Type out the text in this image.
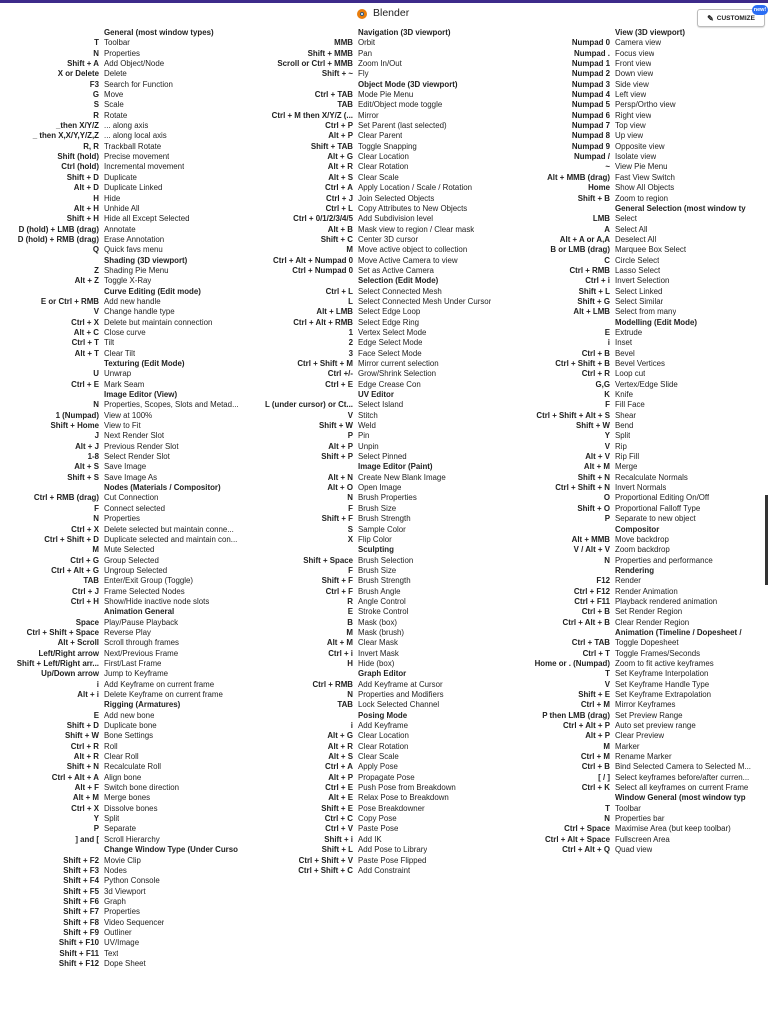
Blender	✎ CUSTOMIZE
new!
General (most window types)
T Toolbar
N Properties
Shift + A Add Object/Node
X or Delete Delete
F3 Search for Function
G Move
S Scale
R Rotate
_then X/Y/Z ... along axis
_ then X,X/Y,Y/Z,Z ... along local axis
R, R Trackball Rotate
Shift (hold) Precise movement
Ctrl (hold) Incremental movement
Shift + D Duplicate
Alt + D Duplicate Linked
H Hide
Alt + H Unhide All
Shift + H Hide all Except Selected
D (hold) + LMB (drag) Annotate
D (hold) + RMB (drag) Erase Annotation
Q Quick favs menu
Shading (3D viewport)
Z Shading Pie Menu
Alt + Z Toggle X-Ray
Curve Editing (Edit mode)
E or Ctrl + RMB Add new handle
V Change handle type
Ctrl + X Delete but maintain connection
Alt + C Close curve
Ctrl + T Tilt
Alt + T Clear Tilt
Texturing (Edit Mode)
U Unwrap
Ctrl + E Mark Seam
Image Editor (View)
N Properties, Scopes, Slots and Metad...
1 (Numpad) View at 100%
Shift + Home View to Fit
J Next Render Slot
Alt + J Previous Render Slot
1-8 Select Render Slot
Alt + S Save Image
Shift + S Save Image As
Nodes (Materials / Compositor)
Ctrl + RMB (drag) Cut Connection
F Connect selected
N Properties
Ctrl + X Delete selected but maintain conne...
Ctrl + Shift + D Duplicate selected and maintain con...
M Mute Selected
Ctrl + G Group Selected
Ctrl + Alt + G Ungroup Selected
TAB Enter/Exit Group (Toggle)
Ctrl + J Frame Selected Nodes
Ctrl + H Show/Hide inactive node slots
Animation General
Space Play/Pause Playback
Ctrl + Shift + Space Reverse Play
Alt + Scroll Scroll through frames
Left/Right arrow Next/Previous Frame
Shift + Left/Right arr... First/Last Frame
Up/Down arrow Jump to Keyframe
i Add Keyframe on current frame
Alt + i Delete Keyframe on current frame
Rigging (Armatures)
E Add new bone
Shift + D Duplicate bone
Shift + W Bone Settings
Ctrl + R Roll
Alt + R Clear Roll
Shift + N Recalculate Roll
Ctrl + Alt + A Align bone
Alt + F Switch bone direction
Alt + M Merge bones
Ctrl + X Dissolve bones
Y Split
P Separate
] and [ Scroll Hierarchy
Change Window Type (Under Curso
Shift + F2 Movie Clip
Shift + F3 Nodes
Shift + F4 Python Console
Shift + F5 3d Viewport
Shift + F6 Graph
Shift + F7 Properties
Shift + F8 Video Sequencer
Shift + F9 Outliner
Shift + F10 UV/Image
Shift + F11 Text
Shift + F12 Dope Sheet
Navigation (3D viewport)
MMB Orbit
Shift + MMB Pan
Scroll or Ctrl + MMB Zoom In/Out
Shift + ~ Fly
Object Mode (3D viewport)
Ctrl + TAB Mode Pie Menu
TAB Edit/Object mode toggle
Ctrl + M then X/Y/Z (... Mirror
Ctrl + P Set Parent (last selected)
Alt + P Clear Parent
Shift + TAB Toggle Snapping
Alt + G Clear Location
Alt + R Clear Rotation
Alt + S Clear Scale
Ctrl + A Apply Location / Scale / Rotation
Ctrl + J Join Selected Objects
Ctrl + L Copy Attributes to New Objects
Ctrl + 0/1/2/3/4/5 Add Subdivision level
Alt + B Mask view to region / Clear mask
Shift + C Center 3D cursor
M Move active object to collection
Ctrl + Alt + Numpad 0 Move Active Camera to view
Ctrl + Numpad 0 Set as Active Camera
Selection (Edit Mode)
Ctrl + L Select Connected Mesh
L Select Connected Mesh Under Cursor
Alt + LMB Select Edge Loop
Ctrl + Alt + RMB Select Edge Ring
1 Vertex Select Mode
2 Edge Select Mode
3 Face Select Mode
Ctrl + Shift + M Mirror current selection
Ctrl +/- Grow/Shrink Selection
Ctrl + E Edge Crease Con
UV Editor
L (under cursor) or Ct... Select Island
V Stitch
Shift + W Weld
P Pin
Alt + P Unpin
Shift + P Select Pinned
Image Editor (Paint)
Alt + N Create New Blank Image
Alt + O Open Image
N Brush Properties
F Brush Size
Shift + F Brush Strength
S Sample Color
X Flip Color
Sculpting
Shift + Space Brush Selection
F Brush Size
Shift + F Brush Strength
Ctrl + F Brush Angle
R Angle Control
E Stroke Control
B Mask (box)
M Mask (brush)
Alt + M Clear Mask
Ctrl + i Invert Mask
H Hide (box)
Graph Editor
Ctrl + RMB Add Keyframe at Cursor
N Properties and Modifiers
TAB Lock Selected Channel
Posing Mode
i Add Keyframe
Alt + G Clear Location
Alt + R Clear Rotation
Alt + S Clear Scale
Ctrl + A Apply Pose
Alt + P Propagate Pose
Ctrl + E Push Pose from Breakdown
Alt + E Relax Pose to Breakdown
Shift + E Pose Breakdowner
Ctrl + C Copy Pose
Ctrl + V Paste Pose
Shift + i Add IK
Shift + L Add Pose to Library
Ctrl + Shift + V Paste Pose Flipped
Ctrl + Shift + C Add Constraint
View (3D viewport)
Numpad 0 Camera view
Numpad . Focus view
Numpad 1 Front view
Numpad 2 Down view
Numpad 3 Side view
Numpad 4 Left view
Numpad 5 Persp/Ortho view
Numpad 6 Right view
Numpad 7 Top view
Numpad 8 Up view
Numpad 9 Opposite view
Numpad / Isolate view
~ View Pie Menu
Alt + MMB (drag) Fast View Switch
Home Show All Objects
Shift + B Zoom to region
General Selection (most window ty
LMB Select
A Select All
Alt + A or A,A Deselect All
B or LMB (drag) Marquee Box Select
C Circle Select
Ctrl + RMB Lasso Select
Ctrl + i Invert Selection
Shift + L Select Linked
Shift + G Select Similar
Alt + LMB Select from many
Modelling (Edit Mode)
E Extrude
i Inset
Ctrl + B Bevel
Ctrl + Shift + B Bevel Vertices
Ctrl + R Loop cut
G,G Vertex/Edge Slide
K Knife
F Fill Face
Ctrl + Shift + Alt + S Shear
Shift + W Bend
Y Split
V Rip
Alt + V Rip Fill
Alt + M Merge
Shift + N Recalculate Normals
Ctrl + Shift + N Invert Normals
O Proportional Editing On/Off
Shift + O Proportional Falloff Type
P Separate to new object
Compositor
Alt + MMB Move backdrop
V / Alt + V Zoom backdrop
N Properties and performance
Rendering
F12 Render
Ctrl + F12 Render Animation
Ctrl + F11 Playback rendered animation
Ctrl + B Set Render Region
Ctrl + Alt + B Clear Render Region
Animation (Timeline / Dopesheet /
Ctrl + TAB Toggle Dopesheet
Ctrl + T Toggle Frames/Seconds
Home or . (Numpad) Zoom to fit active keyframes
T Set Keyframe Interpolation
V Set Keyframe Handle Type
Shift + E Set Keyframe Extrapolation
Ctrl + M Mirror Keyframes
P then LMB (drag) Set Preview Range
Ctrl + Alt + P Auto set preview range
Alt + P Clear Preview
M Marker
Ctrl + M Rename Marker
Ctrl + B Bind Selected Camera to Selected M...
[ / ] Select keyframes before/after curren...
Ctrl + K Select all keyframes on current Frame
Window General (most window typ
T Toolbar
N Properties bar
Ctrl + Space Maximise Area (but keep toolbar)
Ctrl + Alt + Space Fullscreen Area
Ctrl + Alt + Q Quad view
